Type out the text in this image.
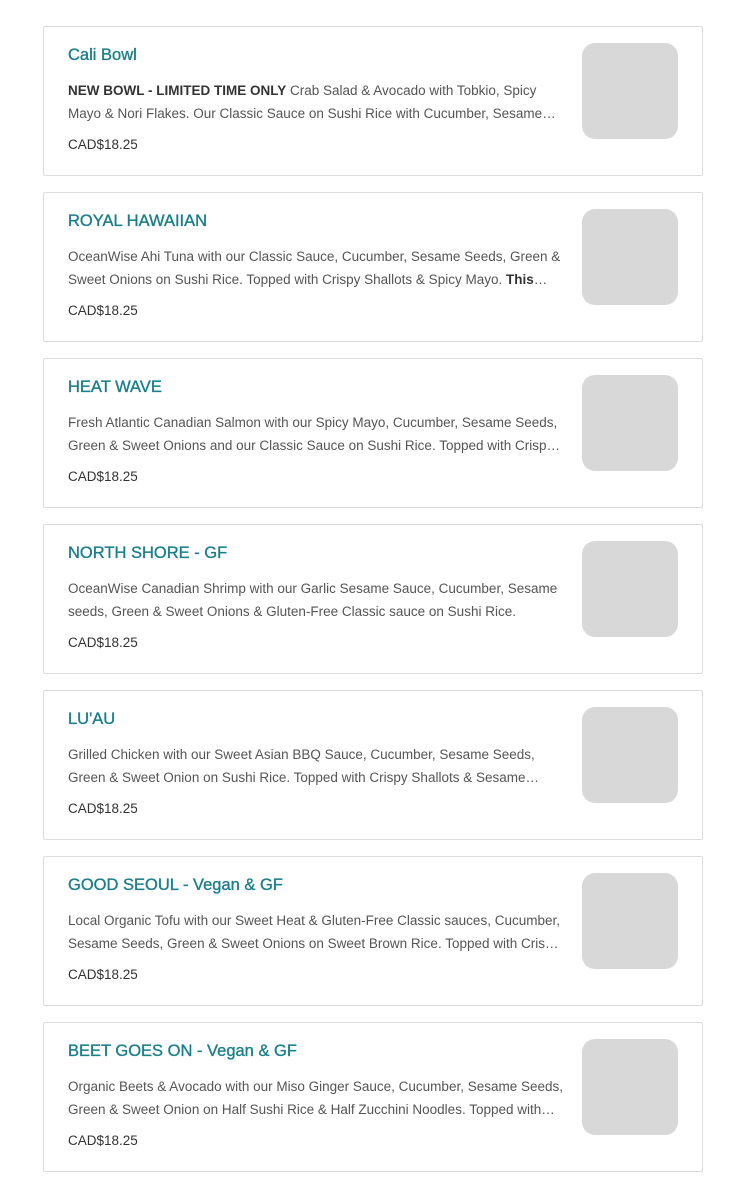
Cali Bowl
NEW BOWL - LIMITED TIME ONLY Crab Salad & Avocado with Tobkio, Spicy Mayo & Nori Flakes. Our Classic Sauce on Sushi Rice with Cucumber, Sesame
CAD$18.25
ROYAL HAWAIIAN
OceanWise Ahi Tuna with our Classic Sauce, Cucumber, Sesame Seeds, Green & Sweet Onions on Sushi Rice. Topped with Crispy Shallots & Spicy Mayo. This
CAD$18.25
HEAT WAVE
Fresh Atlantic Canadian Salmon with our Spicy Mayo, Cucumber, Sesame Seeds, Green & Sweet Onions and our Classic Sauce on Sushi Rice. Topped with Crispy
CAD$18.25
NORTH SHORE - GF
OceanWise Canadian Shrimp with our Garlic Sesame Sauce, Cucumber, Sesame seeds, Green & Sweet Onions & Gluten-Free Classic sauce on Sushi Rice.
CAD$18.25
LU'AU
Grilled Chicken with our Sweet Asian BBQ Sauce, Cucumber, Sesame Seeds, Green & Sweet Onion on Sushi Rice. Topped with Crispy Shallots & Sesame
CAD$18.25
GOOD SEOUL - Vegan & GF
Local Organic Tofu with our Sweet Heat & Gluten-Free Classic sauces, Cucumber, Sesame Seeds, Green & Sweet Onions on Sweet Brown Rice. Topped with Crispy
CAD$18.25
BEET GOES ON - Vegan & GF
Organic Beets & Avocado with our Miso Ginger Sauce, Cucumber, Sesame Seeds, Green & Sweet Onion on Half Sushi Rice & Half Zucchini Noodles. Topped with
CAD$18.25
